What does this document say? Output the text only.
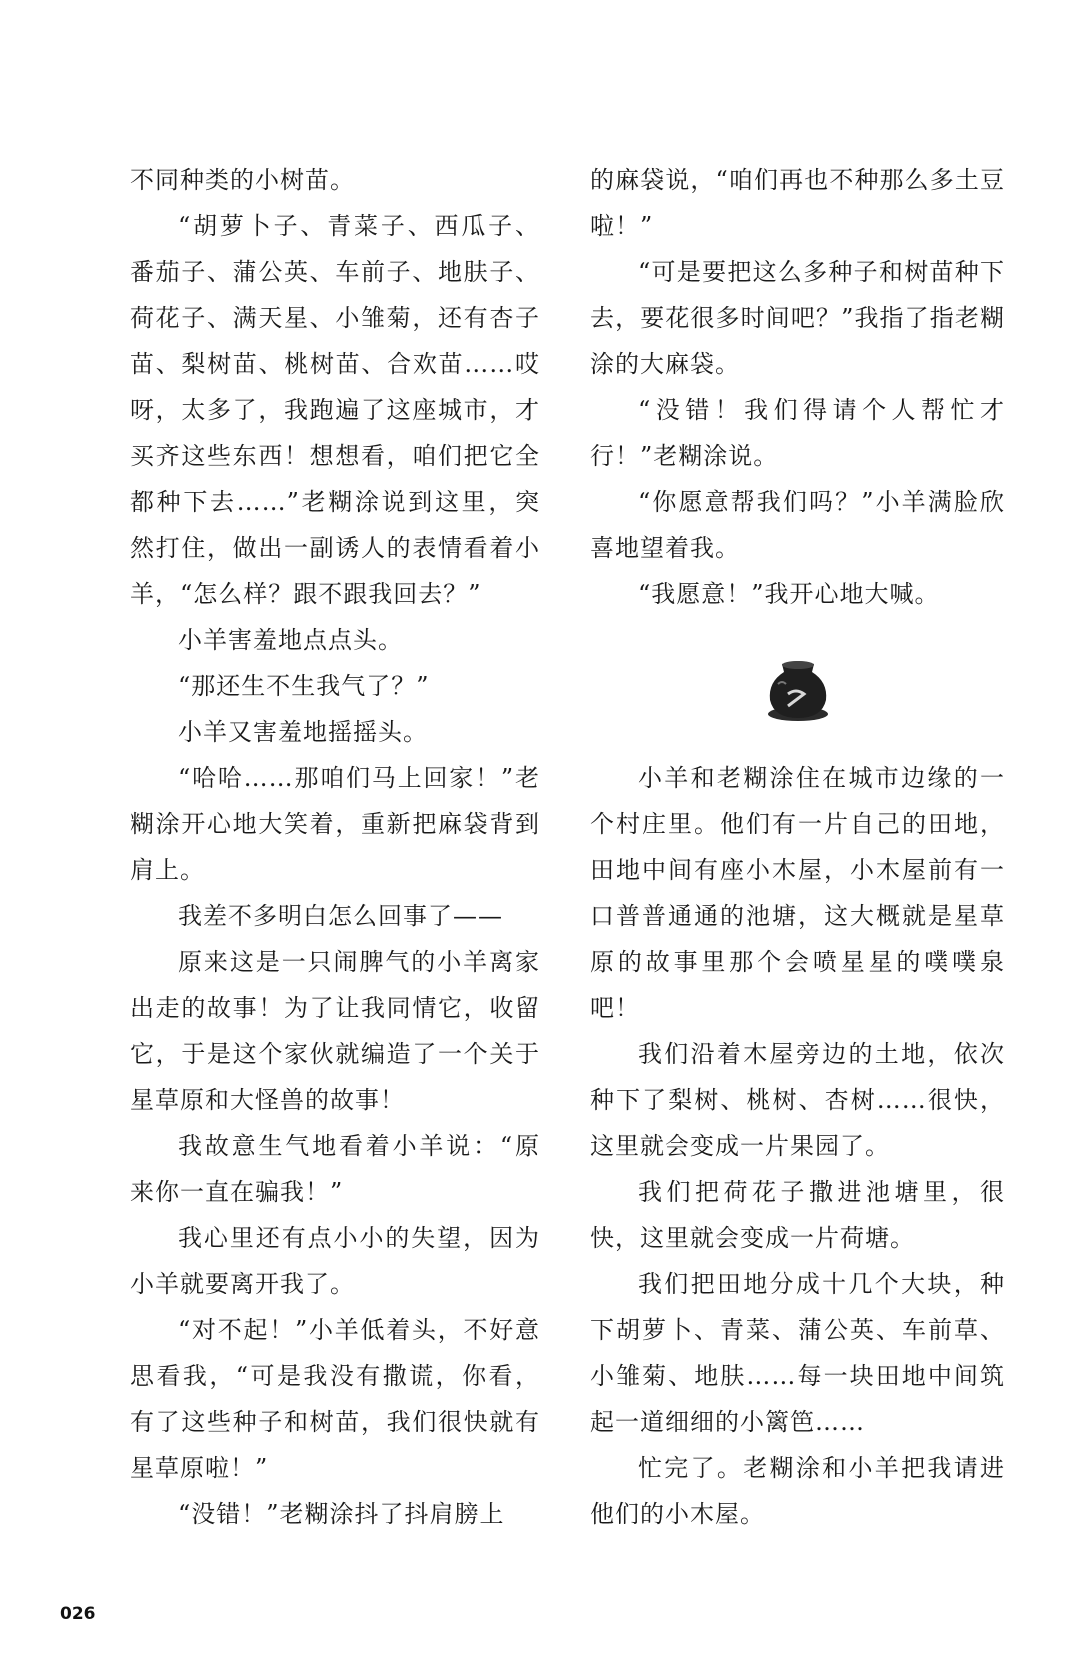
不同种类的小树苗。

“胡萝卜子、青菜子、西瓜子、番茄子、蒲公英、车前子、地肤子、荷花子、满天星、小雏菊，还有杏子苗、梨树苗、桃树苗、合欢苗……哎呀，太多了，我跑遍了这座城市，才买齐这些东西！想想看，咱们把它全都种下去……”老糊涂说到这里，突然打住，做出一副诱人的表情看着小羊，“怎么样？跟不跟我回去？”

小羊害羞地点点头。

“那还生不生我气了？”

小羊又害羞地摇摇头。

“哈哈……那咱们马上回家！”老糊涂开心地大笑着，重新把麻袋背到肩上。

我差不多明白怎么回事了——

原来这是一只闹脾气的小羊离家出走的故事！为了让我同情它，收留它，于是这个家伙就编造了一个关于星草原和大怪兽的故事！

我故意生气地看着小羊说：“原来你一直在骗我！”

我心里还有点小小的失望，因为小羊就要离开我了。

“对不起！”小羊低着头，不好意思看我，“可是我没有撒谎，你看，有了这些种子和树苗，我们很快就有星草原啦！”

“没错！”老糊涂抖了抖肩膀上

的麻袋说，“咱们再也不种那么多土豆啦！”

“可是要把这么多种子和树苗种下去，要花很多时间吧？”我指了指老糊涂的大麻袋。

“没错！我们得请个人帮忙才行！”老糊涂说。

“你愿意帮我们吗？”小羊满脸欣喜地望着我。

“我愿意！”我开心地大喊。

小羊和老糊涂住在城市边缘的一个村庄里。他们有一片自己的田地，田地中间有座小木屋，小木屋前有一口普普通通的池塘，这大概就是星草原的故事里那个会喷星星的噗噗泉吧！

我们沿着木屋旁边的土地，依次种下了梨树、桃树、杏树……很快，这里就会变成一片果园了。

我们把荷花子撒进池塘里，很快，这里就会变成一片荷塘。

我们把田地分成十几个大块，种下胡萝卜、青菜、蒲公英、车前草、小雏菊、地肤……每一块田地中间筑起一道细细的小篱笆……

忙完了。老糊涂和小羊把我请进他们的小木屋。

026
